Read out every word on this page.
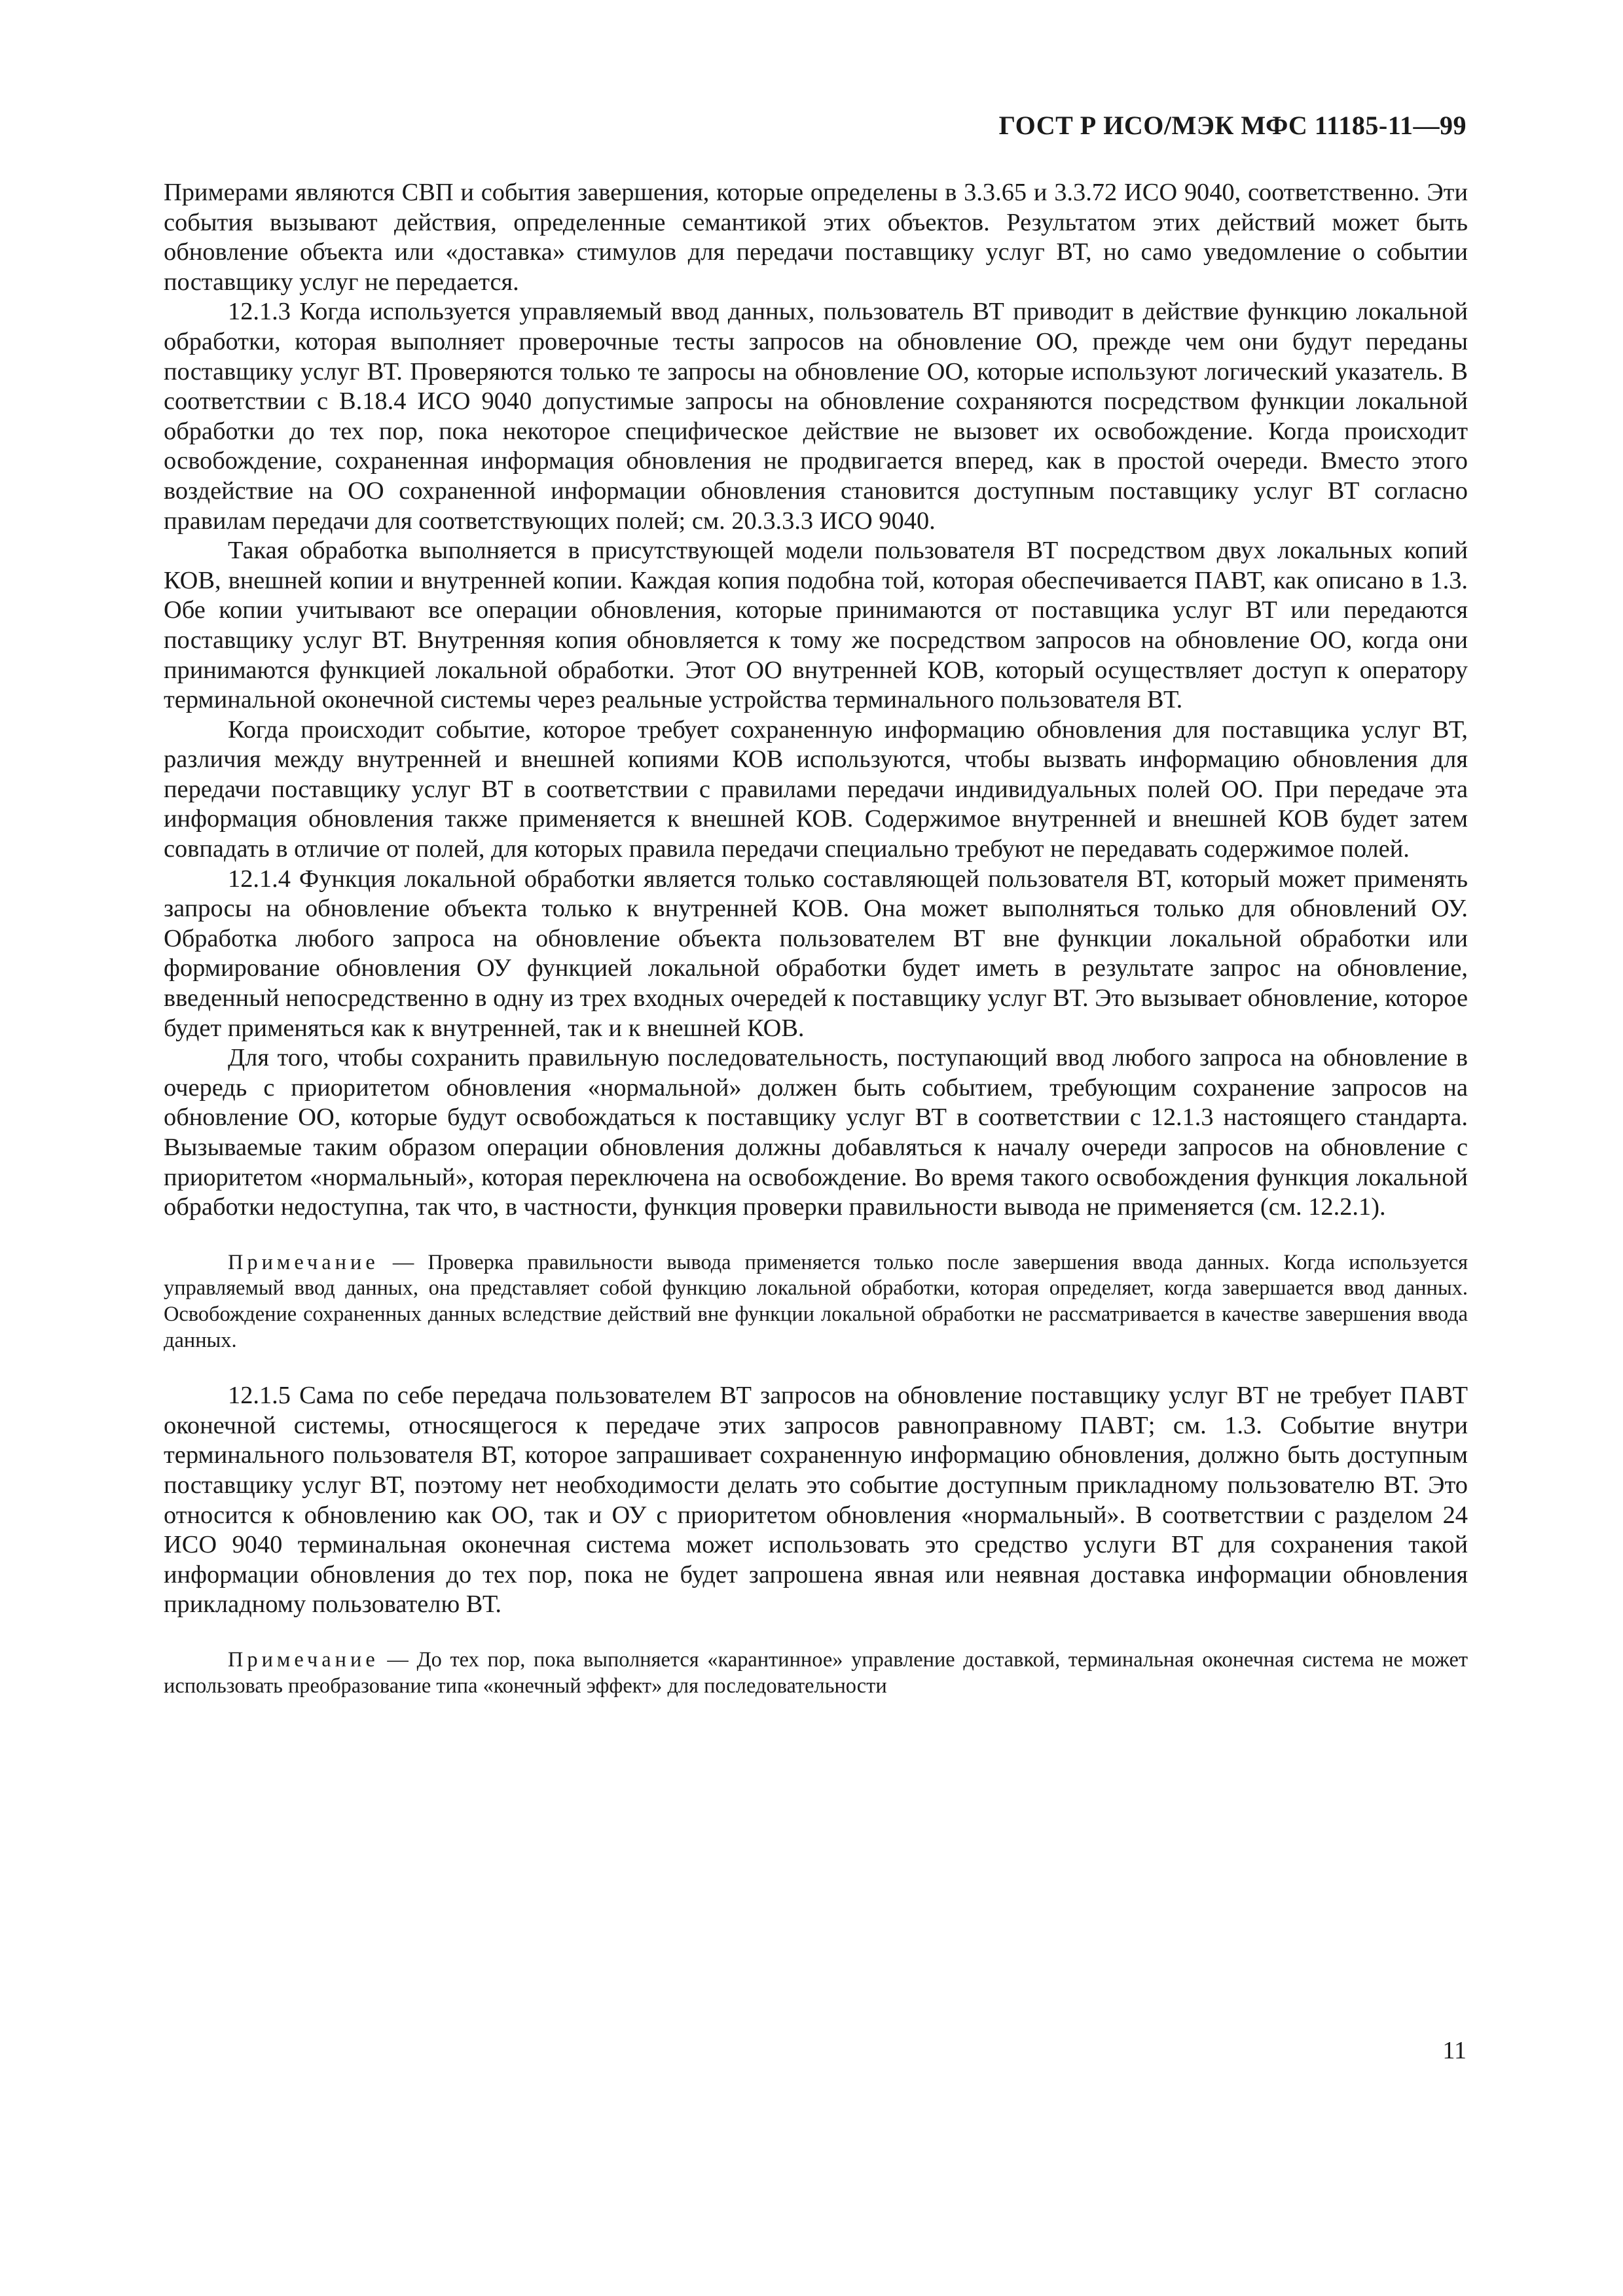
ГОСТ Р ИСО/МЭК МФС 11185-11—99

Примерами являются СВП и события завершения, которые определены в 3.3.65 и 3.3.72 ИСО 9040, соответственно. Эти события вызывают действия, определенные семантикой этих объектов. Результатом этих действий может быть обновление объекта или «доставка» стимулов для передачи поставщику услуг ВТ, но само уведомление о событии поставщику услуг не передается.

12.1.3 Когда используется управляемый ввод данных, пользователь ВТ приводит в действие функцию локальной обработки, которая выполняет проверочные тесты запросов на обновление ОО, прежде чем они будут переданы поставщику услуг ВТ. Проверяются только те запросы на обновление ОО, которые используют логический указатель. В соответствии с В.18.4 ИСО 9040 допустимые запросы на обновление сохраняются посредством функции локальной обработки до тех пор, пока некоторое специфическое действие не вызовет их освобождение. Когда происходит освобождение, сохраненная информация обновления не продвигается вперед, как в простой очереди. Вместо этого воздействие на ОО сохраненной информации обновления становится доступным поставщику услуг ВТ согласно правилам передачи для соответствующих полей; см. 20.3.3.3 ИСО 9040.

Такая обработка выполняется в присутствующей модели пользователя ВТ посредством двух локальных копий КОВ, внешней копии и внутренней копии. Каждая копия подобна той, которая обеспечивается ПАВТ, как описано в 1.3. Обе копии учитывают все операции обновления, которые принимаются от поставщика услуг ВТ или передаются поставщику услуг ВТ. Внутренняя копия обновляется к тому же посредством запросов на обновление ОО, когда они принимаются функцией локальной обработки. Этот ОО внутренней КОВ, который осуществляет доступ к оператору терминальной оконечной системы через реальные устройства терминального пользователя ВТ.

Когда происходит событие, которое требует сохраненную информацию обновления для поставщика услуг ВТ, различия между внутренней и внешней копиями КОВ используются, чтобы вызвать информацию обновления для передачи поставщику услуг ВТ в соответствии с правилами передачи индивидуальных полей ОО. При передаче эта информация обновления также применяется к внешней КОВ. Содержимое внутренней и внешней КОВ будет затем совпадать в отличие от полей, для которых правила передачи специально требуют не передавать содержимое полей.

12.1.4 Функция локальной обработки является только составляющей пользователя ВТ, который может применять запросы на обновление объекта только к внутренней КОВ. Она может выполняться только для обновлений ОУ. Обработка любого запроса на обновление объекта пользователем ВТ вне функции локальной обработки или формирование обновления ОУ функцией локальной обработки будет иметь в результате запрос на обновление, введенный непосредственно в одну из трех входных очередей к поставщику услуг ВТ. Это вызывает обновление, которое будет применяться как к внутренней, так и к внешней КОВ.

Для того, чтобы сохранить правильную последовательность, поступающий ввод любого запроса на обновление в очередь с приоритетом обновления «нормальной» должен быть событием, требующим сохранение запросов на обновление ОО, которые будут освобождаться к поставщику услуг ВТ в соответствии с 12.1.3 настоящего стандарта. Вызываемые таким образом операции обновления должны добавляться к началу очереди запросов на обновление с приоритетом «нормальный», которая переключена на освобождение. Во время такого освобождения функция локальной обработки недоступна, так что, в частности, функция проверки правильности вывода не применяется (см. 12.2.1).

Примечание — Проверка правильности вывода применяется только после завершения ввода данных. Когда используется управляемый ввод данных, она представляет собой функцию локальной обработки, которая определяет, когда завершается ввод данных. Освобождение сохраненных данных вследствие действий вне функции локальной обработки не рассматривается в качестве завершения ввода данных.

12.1.5 Сама по себе передача пользователем ВТ запросов на обновление поставщику услуг ВТ не требует ПАВТ оконечной системы, относящегося к передаче этих запросов равноправному ПАВТ; см. 1.3. Событие внутри терминального пользователя ВТ, которое запрашивает сохраненную информацию обновления, должно быть доступным поставщику услуг ВТ, поэтому нет необходимости делать это событие доступным прикладному пользователю ВТ. Это относится к обновлению как ОО, так и ОУ с приоритетом обновления «нормальный». В соответствии с разделом 24 ИСО 9040 терминальная оконечная система может использовать это средство услуги ВТ для сохранения такой информации обновления до тех пор, пока не будет запрошена явная или неявная доставка информации обновления прикладному пользователю ВТ.

Примечание — До тех пор, пока выполняется «карантинное» управление доставкой, терминальная оконечная система не может использовать преобразование типа «конечный эффект» для последовательности

11
